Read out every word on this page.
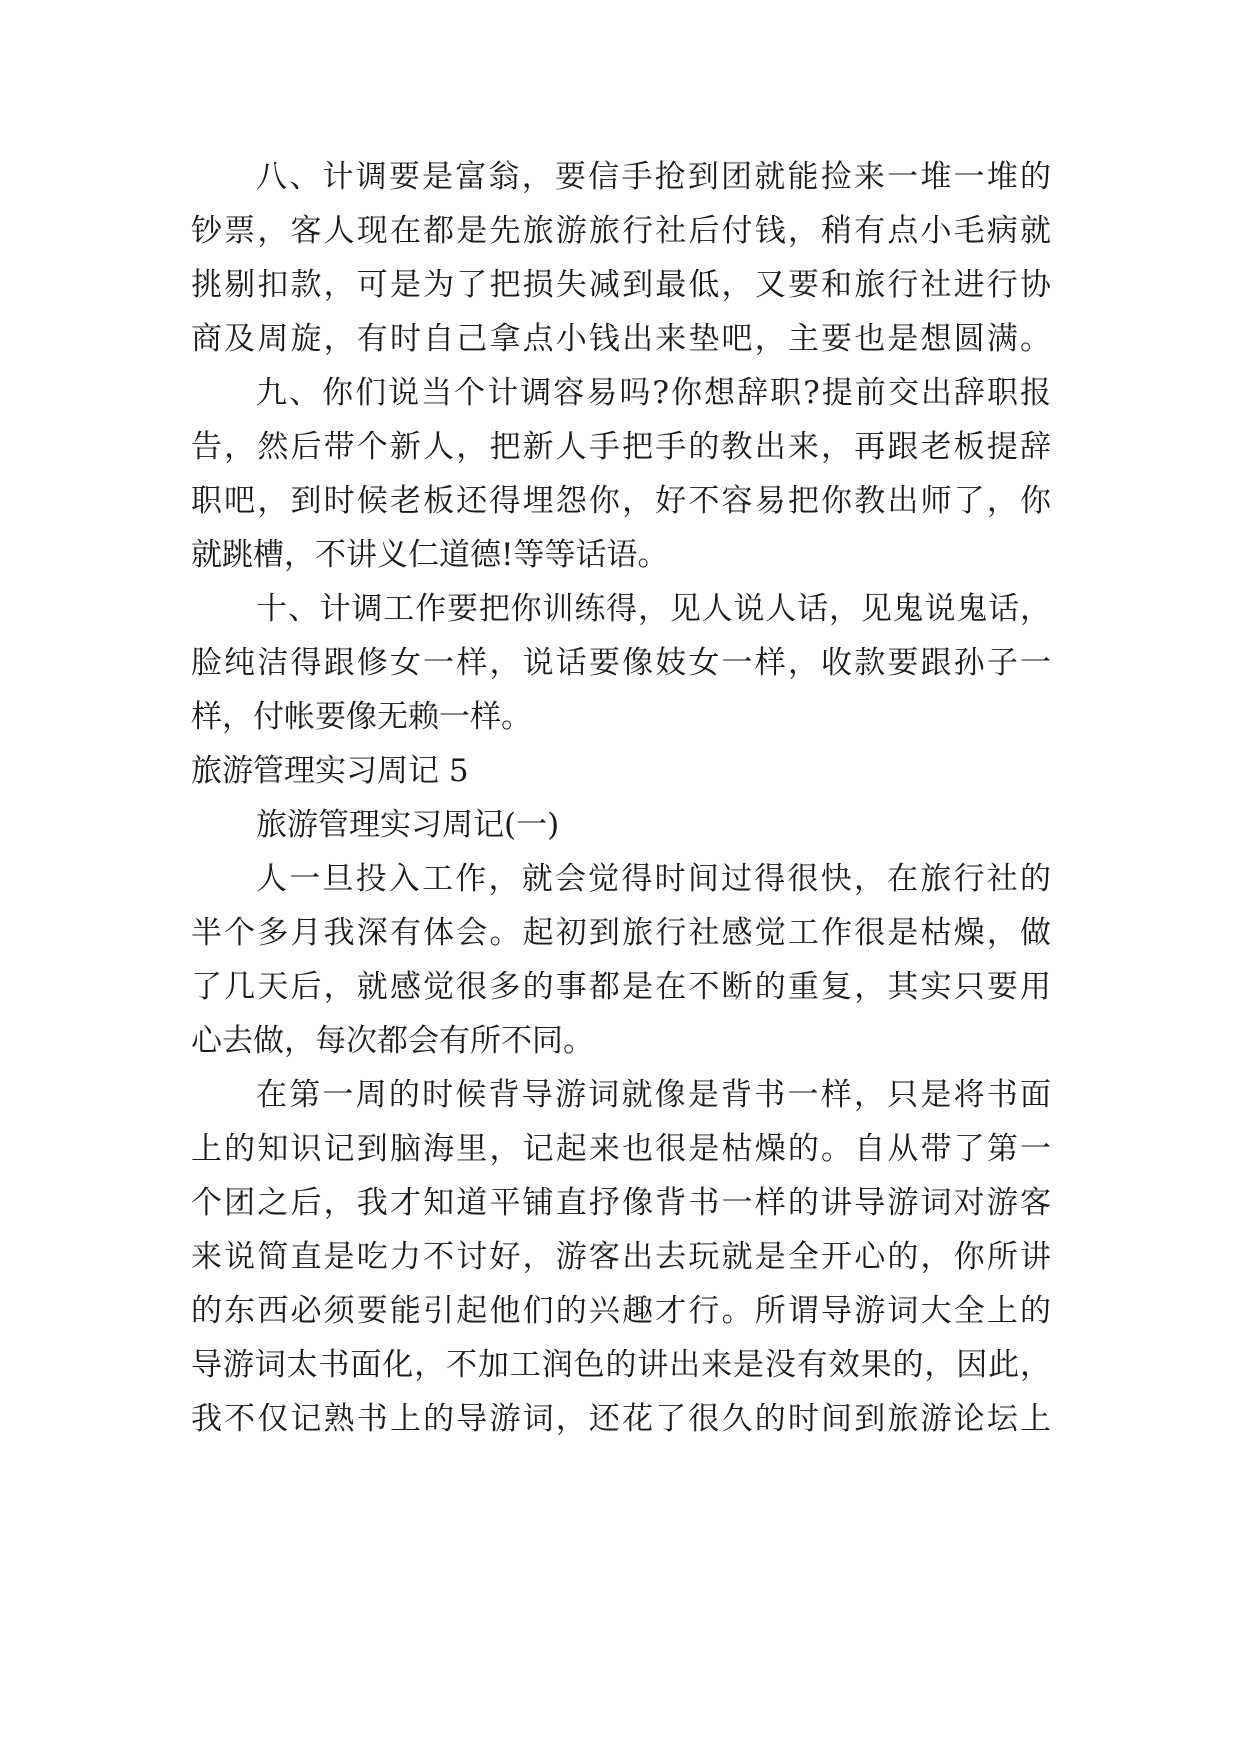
八、计调要是富翁，要信手抢到团就能捡来一堆一堆的
钞票，客人现在都是先旅游旅行社后付钱，稍有点小毛病就
挑剔扣款，可是为了把损失减到最低，又要和旅行社进行协
商及周旋，有时自己拿点小钱出来垫吧，主要也是想圆满。
九、你们说当个计调容易吗?你想辞职?提前交出辞职报
告，然后带个新人，把新人手把手的教出来，再跟老板提辞
职吧，到时候老板还得埋怨你，好不容易把你教出师了，你
就跳槽，不讲义仁道德!等等话语。
十、计调工作要把你训练得，见人说人话，见鬼说鬼话，
脸纯洁得跟修女一样，说话要像妓女一样，收款要跟孙子一
样，付帐要像无赖一样。
旅游管理实习周记 5
旅游管理实习周记(一)
人一旦投入工作，就会觉得时间过得很快，在旅行社的
半个多月我深有体会。起初到旅行社感觉工作很是枯燥，做
了几天后，就感觉很多的事都是在不断的重复，其实只要用
心去做，每次都会有所不同。
在第一周的时候背导游词就像是背书一样，只是将书面
上的知识记到脑海里，记起来也很是枯燥的。自从带了第一
个团之后，我才知道平铺直抒像背书一样的讲导游词对游客
来说简直是吃力不讨好，游客出去玩就是全开心的，你所讲
的东西必须要能引起他们的兴趣才行。所谓导游词大全上的
导游词太书面化，不加工润色的讲出来是没有效果的，因此，
我不仅记熟书上的导游词，还花了很久的时间到旅游论坛上
